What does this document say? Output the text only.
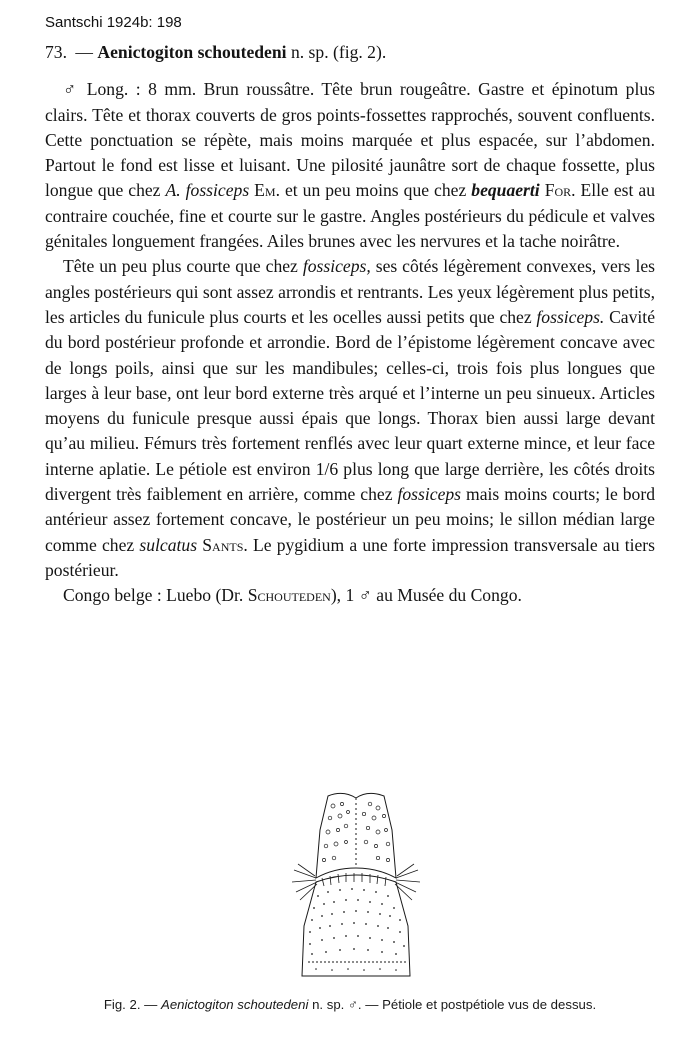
Santschi 1924b: 198

73. — Aenictogiton schoutedeni n. sp. (fig. 2).

♂ Long. : 8 mm. Brun roussâtre. Tête brun rougeâtre. Gastre et épinotum plus clairs. Tête et thorax couverts de gros points-fossettes rapprochés, souvent confluents. Cette ponctuation se répète, mais moins marquée et plus espacée, sur l’abdomen. Partout le fond est lisse et luisant. Une pilosité jaunâtre sort de chaque fossette, plus longue que chez A. fossiceps Em. et un peu moins que chez bequaerti For. Elle est au contraire couchée, fine et courte sur le gastre. Angles postérieurs du pédicule et valves génitales longuement frangées. Ailes brunes avec les nervures et la tache noirâtre.

Tête un peu plus courte que chez fossiceps, ses côtés légèrement convexes, vers les angles postérieurs qui sont assez arrondis et rentrants. Les yeux légèrement plus petits, les articles du funicule plus courts et les ocelles aussi petits que chez fossiceps. Cavité du bord postérieur profonde et arrondie. Bord de l’épistome légèrement concave avec de longs poils, ainsi que sur les mandibules; celles-ci, trois fois plus longues que larges à leur base, ont leur bord externe très arqué et l’interne un peu sinueux. Articles moyens du funicule presque aussi épais que longs. Thorax bien aussi large devant qu’au milieu. Fémurs très fortement renflés avec leur quart externe mince, et leur face interne aplatie. Le pétiole est environ 1/6 plus long que large derrière, les côtés droits divergent très faiblement en arrière, comme chez fossiceps mais moins courts; le bord antérieur assez fortement concave, le postérieur un peu moins; le sillon médian large comme chez sulcatus Sants. Le pygidium a une forte impression transversale au tiers postérieur.

Congo belge : Luebo (Dr. Schouteden), 1 ♂ au Musée du Congo.

Fig. 2. — Aenictogiton schoutedeni n. sp. ♂. — Pétiole et postpétiole vus de dessus.
